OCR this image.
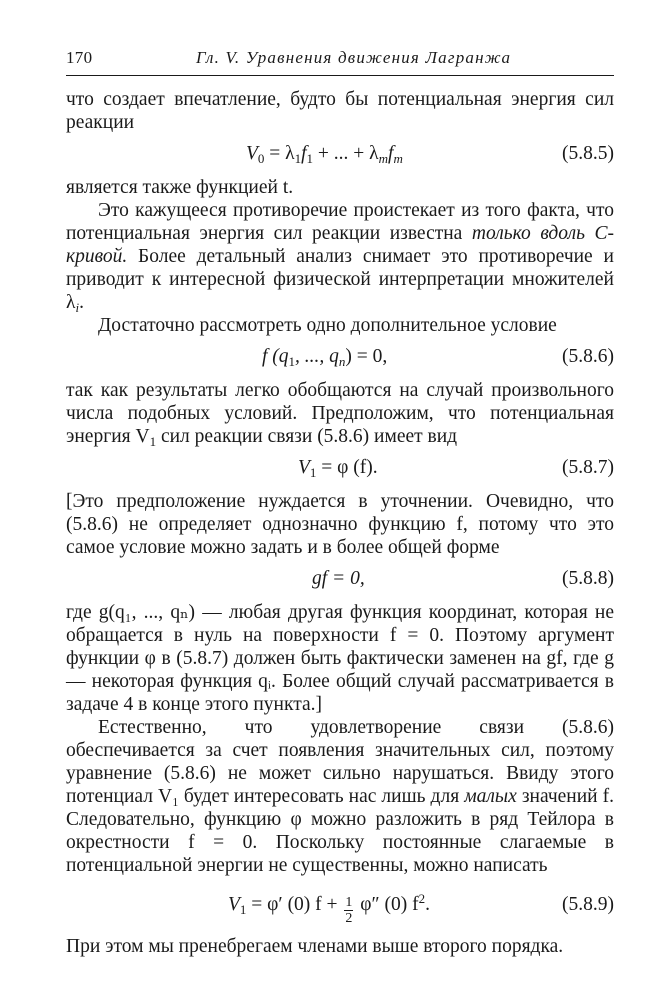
170	Гл. V. Уравнения движения Лагранжа

что создает впечатление, будто бы потенциальная энергия сил реакции

$V_0 = \lambda_1f_1$ + ... + $\lambda_mf_m$	(5.8.5)

является также функцией t.

Это кажущееся противоречие проистекает из того факта, что потенциальная энергия сил реакции известна только вдоль C-кривой. Более детальный анализ снимает это противоречие и приводит к интересной физической интерпретации множителей $\lambda_i$.

Достаточно рассмотреть одно дополнительное условие

f ($q_1$, ..., $q_n) = 0$,	(5.8.6)

так как результаты легко обобщаются на случай произвольного числа подобных условий. Предположим, что потенциальная энергия $V_1$ сил реакции связи (5.8.6) имеет вид

$V_1 = \varphi$ (f).	(5.8.7)

[Это предположение нуждается в уточнении. Очевидно, что (5.8.6) не определяет однозначно функцию f, потому что это самое условие можно задать и в более общей форме

gf = 0,	(5.8.8)

где g(q₁, ..., qₙ) — любая другая функция координат, которая не обращается в нуль на поверхности f = 0. Поэтому аргумент функции φ в (5.8.7) должен быть фактически заменен на gf, где g — некоторая функция qᵢ. Более общий случай рассматривается в задаче 4 в конце этого пункта.]

Естественно, что удовлетворение связи (5.8.6) обеспечивается за счет появления значительных сил, поэтому уравнение (5.8.6) не может сильно нарушаться. Ввиду этого потенциал V₁ будет интересовать нас лишь для малых значений f. Следовательно, функцию φ можно разложить в ряд Тейлора в окрестности f = 0. Поскольку постоянные слагаемые в потенциальной энергии не существенны, можно написать

$V_1 = \varphi'$ (0) $f + \frac{1}{2} \varphi''$ (0) $f^2$.	(5.8.9)

При этом мы пренебрегаем членами выше второго порядка.
